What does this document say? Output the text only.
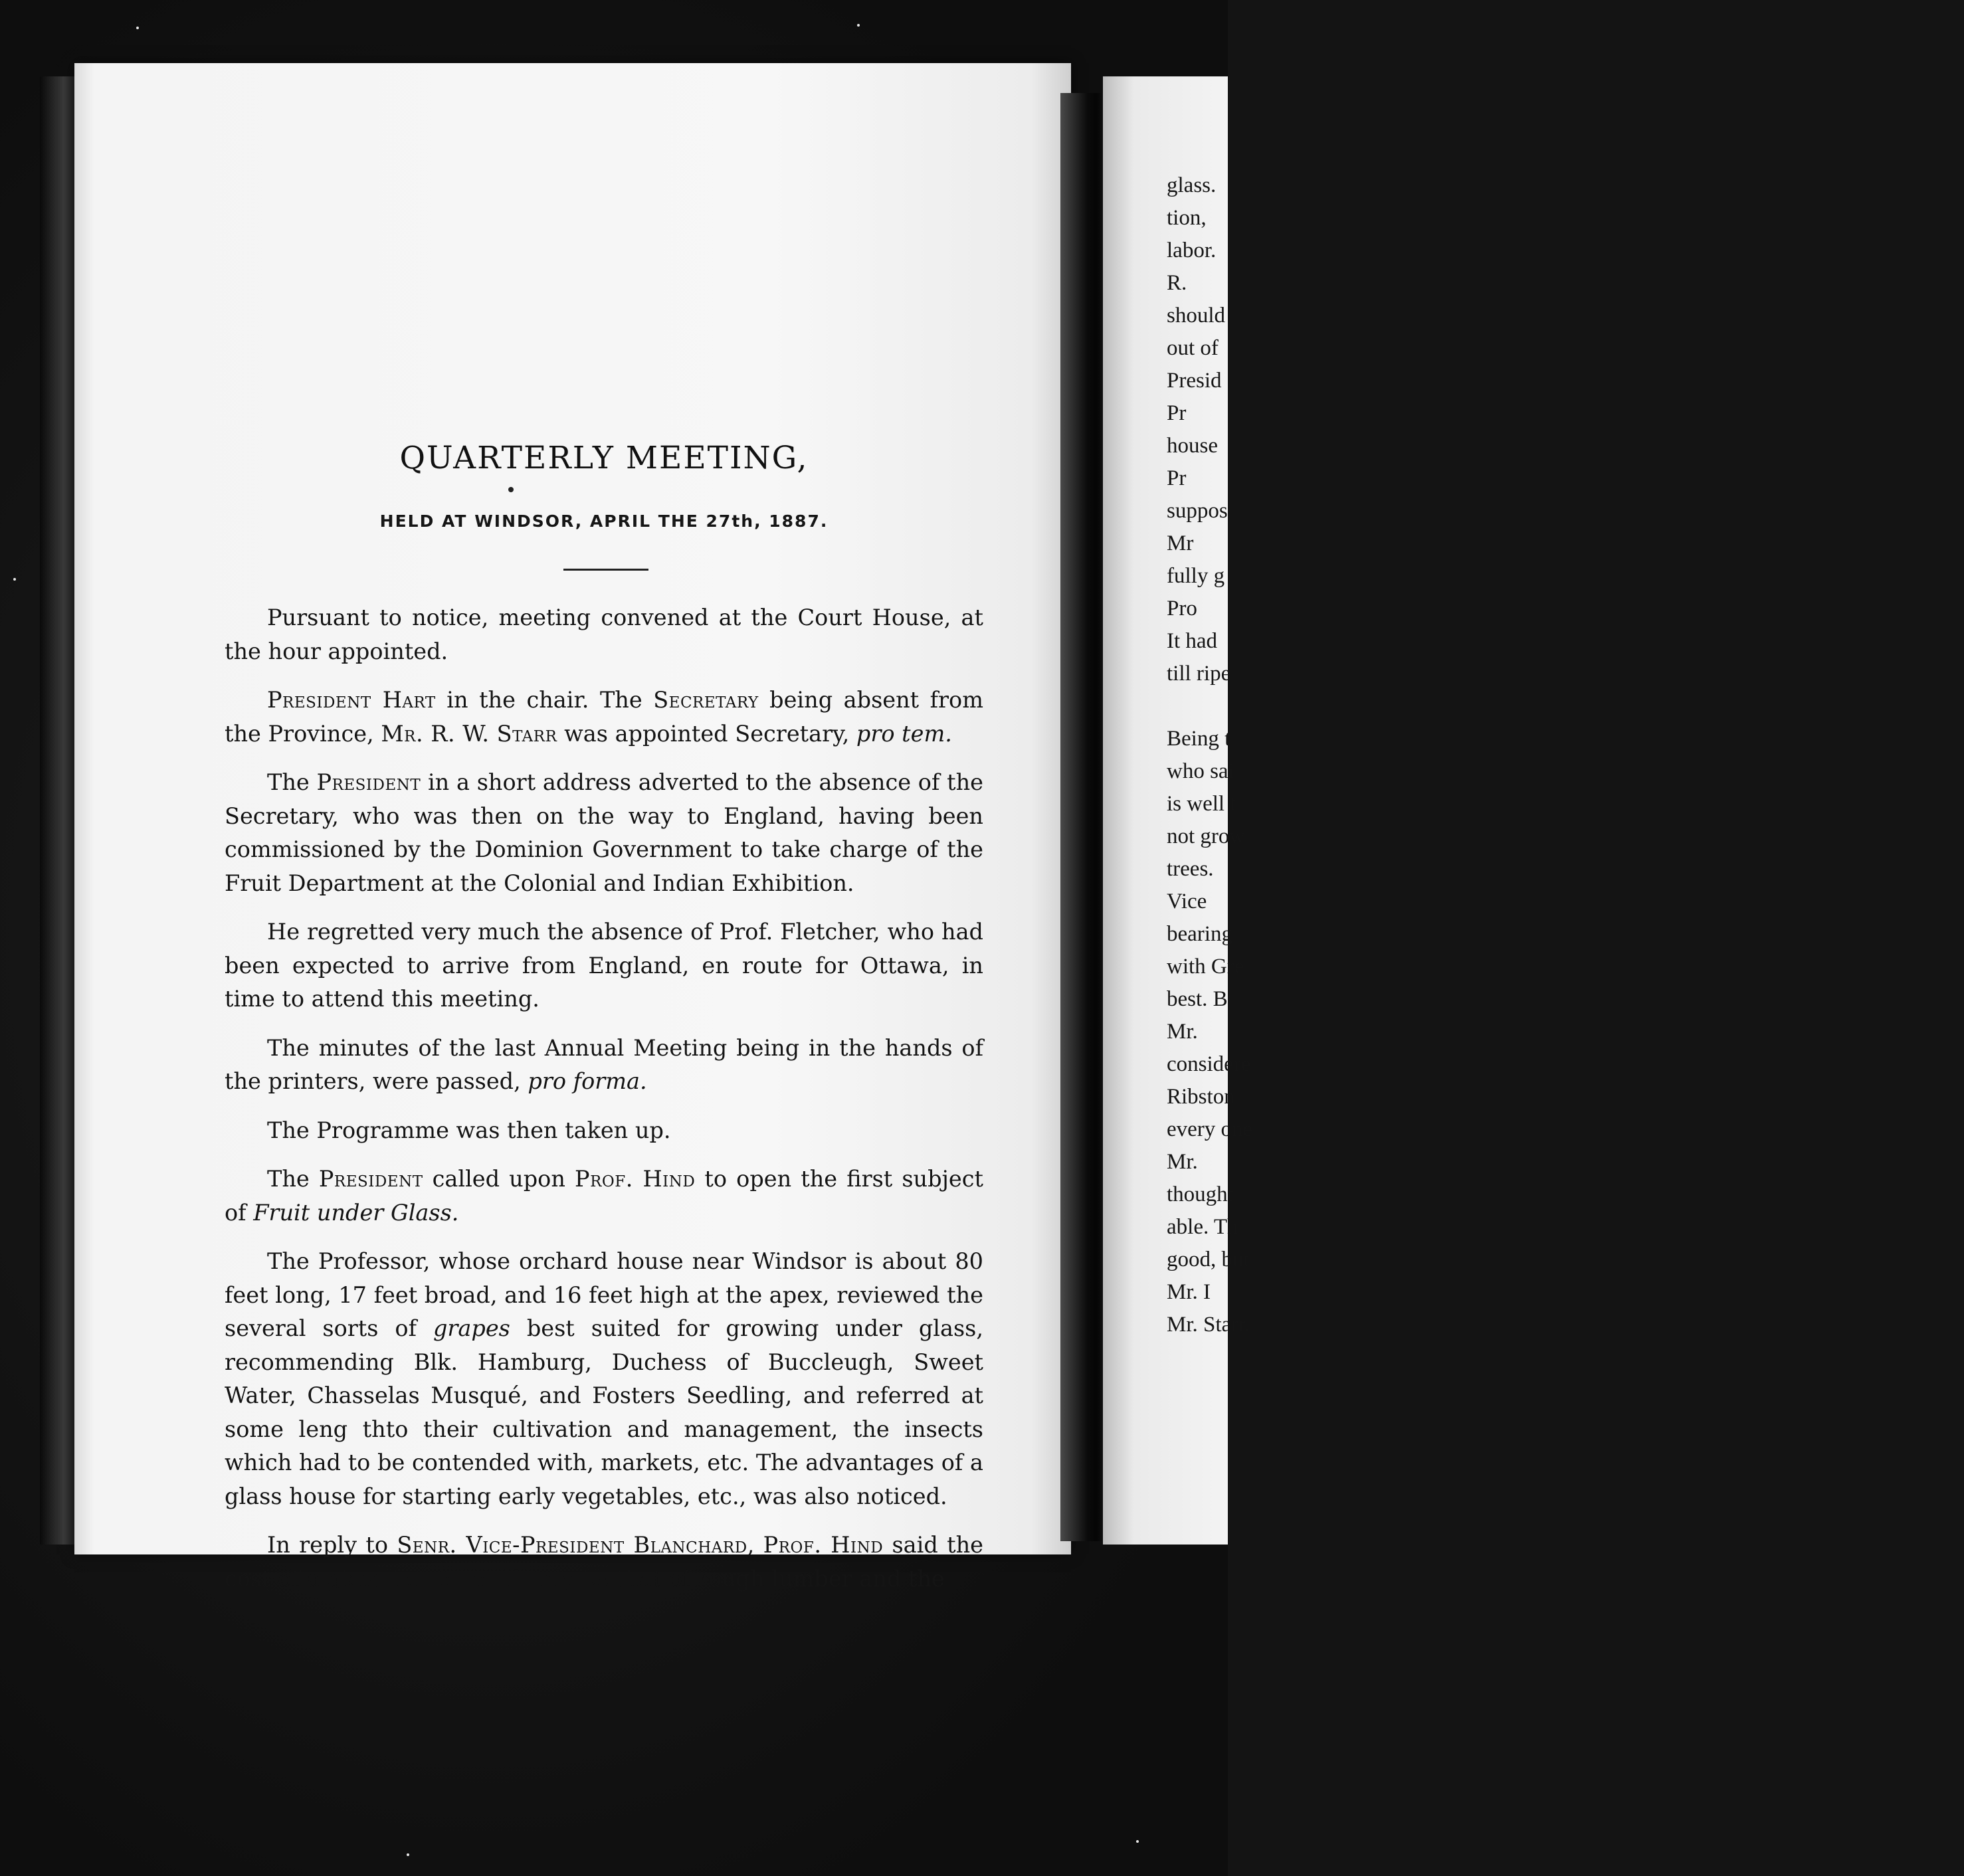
QUARTERLY MEETING,
HELD AT WINDSOR, APRIL THE 27th, 1887.

Pursuant to notice, meeting convened at the Court House, at the hour appointed.

President Hart in the chair. The Secretary being absent from the Province, Mr. R. W. Starr was appointed Secretary, pro tem.

The President in a short address adverted to the absence of the Secretary, who was then on the way to England, having been commissioned by the Dominion Government to take charge of the Fruit Department at the Colonial and Indian Exhibition.

He regretted very much the absence of Prof. Fletcher, who had been expected to arrive from England, en route for Ottawa, in time to attend this meeting.

The minutes of the last Annual Meeting being in the hands of the printers, were passed, pro forma.

The Programme was then taken up.

The President called upon Prof. Hind to open the first subject of Fruit under Glass.

The Professor, whose orchard house near Windsor is about 80 feet long, 17 feet broad, and 16 feet high at the apex, reviewed the several sorts of grapes best suited for growing under glass, recommending Blk. Hamburg, Duchess of Buccleugh, Sweet Water, Chasselas Musqué, and Fosters Seedling, and referred at some leng thto their cultivation and management, the insects which had to be contended with, markets, etc. The advantages of a glass house for starting early vegetables, etc., was also noticed.

In reply to Senr. Vice-President Blanchard, Prof. Hind said the cost of a glass house need only be that of rough lumber and the

glass.
tion,
labor.
R.
should
out of
Presid
Pr
house
Pr
suppos
Mr
fully g
Pro
It had
till ripe
Being t
who sai
is well t
not grow
trees.
Vice
bearing
with Gre
best. B
Mr.
considere
Ribston
every one
Mr.
thought
able. Th
good, but
Mr. I
Mr. Starr,
